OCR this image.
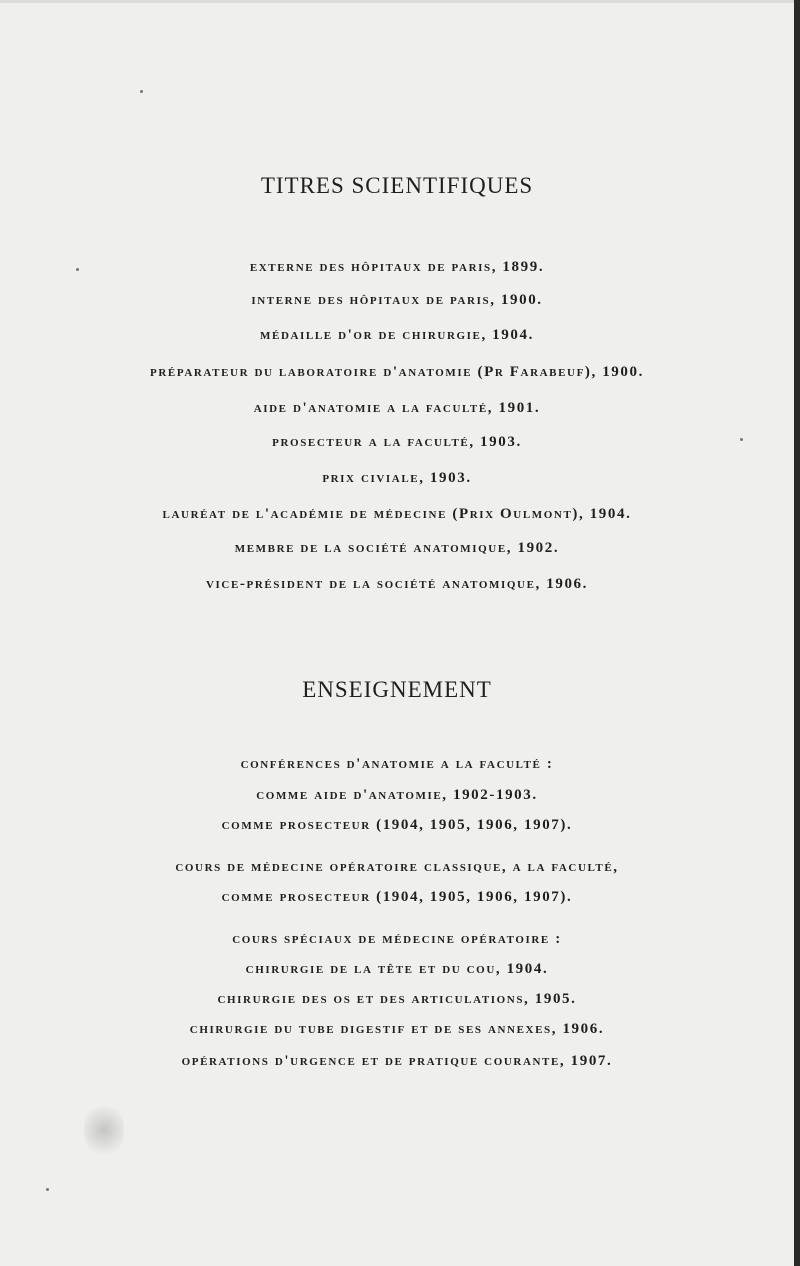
TITRES SCIENTIFIQUES

externe des hôpitaux de paris, 1899.

interne des hôpitaux de paris, 1900.

médaille d'or de chirurgie, 1904.

préparateur du laboratoire d'anatomie (Pr Farabeuf), 1900.

aide d'anatomie a la faculté, 1901.

prosecteur a la faculté, 1903.

prix civiale, 1903.

lauréat de l'académie de médecine (Prix Oulmont), 1904.

membre de la société anatomique, 1902.

vice-président de la société anatomique, 1906.

ENSEIGNEMENT

conférences d'anatomie a la faculté :

comme aide d'anatomie, 1902-1903.

comme prosecteur (1904, 1905, 1906, 1907).

cours de médecine opératoire classique, a la faculté,

comme prosecteur (1904, 1905, 1906, 1907).

cours spéciaux de médecine opératoire :

chirurgie de la tête et du cou, 1904.

chirurgie des os et des articulations, 1905.

chirurgie du tube digestif et de ses annexes, 1906.

opérations d'urgence et de pratique courante, 1907.
